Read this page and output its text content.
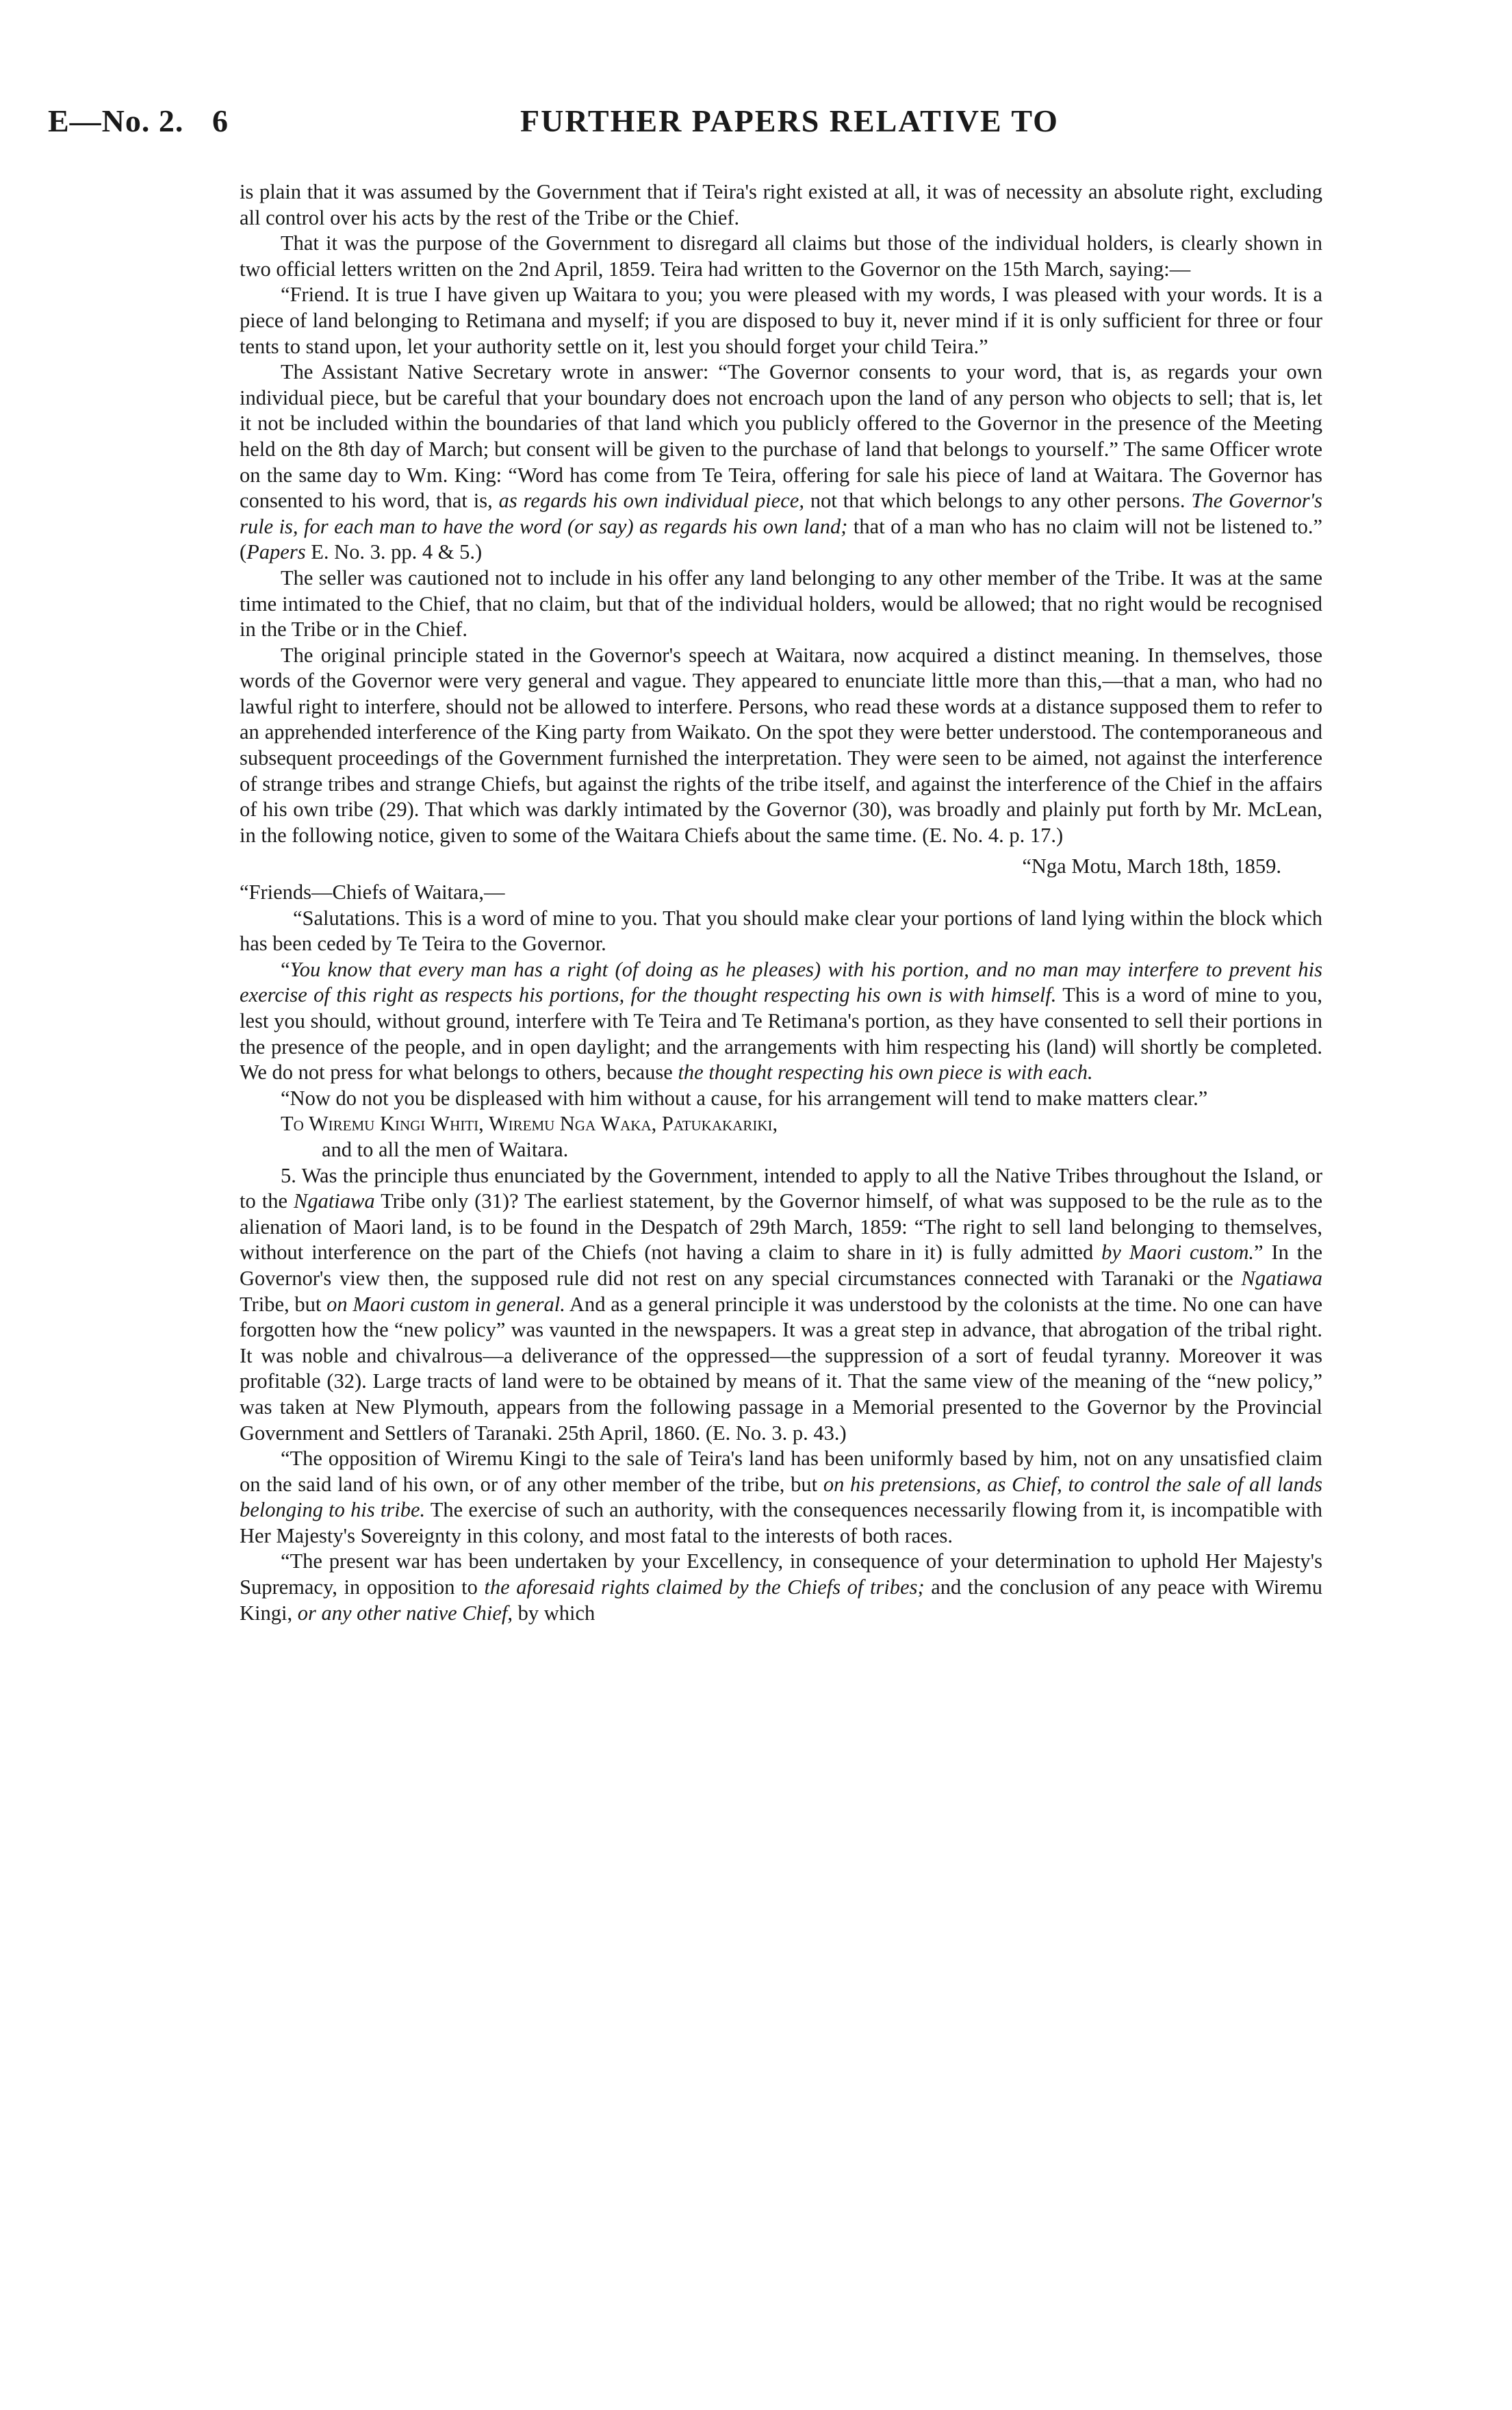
E—No. 2. 6	FURTHER PAPERS RELATIVE TO

is plain that it was assumed by the Government that if Teira's right existed at all, it was of necessity an absolute right, excluding all control over his acts by the rest of the Tribe or the Chief.

That it was the purpose of the Government to disregard all claims but those of the individual holders, is clearly shown in two official letters written on the 2nd April, 1859. Teira had written to the Governor on the 15th March, saying:—

“Friend. It is true I have given up Waitara to you; you were pleased with my words, I was pleased with your words. It is a piece of land belonging to Retimana and myself; if you are disposed to buy it, never mind if it is only sufficient for three or four tents to stand upon, let your authority settle on it, lest you should forget your child Teira.”

The Assistant Native Secretary wrote in answer: “The Governor consents to your word, that is, as regards your own individual piece, but be careful that your boundary does not encroach upon the land of any person who objects to sell; that is, let it not be included within the boundaries of that land which you publicly offered to the Governor in the presence of the Meeting held on the 8th day of March; but consent will be given to the purchase of land that belongs to yourself.” The same Officer wrote on the same day to Wm. King: “Word has come from Te Teira, offering for sale his piece of land at Waitara. The Governor has consented to his word, that is, as regards his own individual piece, not that which belongs to any other persons. The Governor's rule is, for each man to have the word (or say) as regards his own land; that of a man who has no claim will not be listened to.” (Papers E. No. 3. pp. 4 & 5.)

The seller was cautioned not to include in his offer any land belonging to any other member of the Tribe. It was at the same time intimated to the Chief, that no claim, but that of the individual holders, would be allowed; that no right would be recognised in the Tribe or in the Chief.

The original principle stated in the Governor's speech at Waitara, now acquired a distinct meaning. In themselves, those words of the Governor were very general and vague. They appeared to enunciate little more than this,—that a man, who had no lawful right to interfere, should not be allowed to interfere. Persons, who read these words at a distance supposed them to refer to an apprehended interference of the King party from Waikato. On the spot they were better understood. The contemporaneous and subsequent proceedings of the Government furnished the interpretation. They were seen to be aimed, not against the interference of strange tribes and strange Chiefs, but against the rights of the tribe itself, and against the interference of the Chief in the affairs of his own tribe (29). That which was darkly intimated by the Governor (30), was broadly and plainly put forth by Mr. McLean, in the following notice, given to some of the Waitara Chiefs about the same time. (E. No. 4. p. 17.)

“Nga Motu, March 18th, 1859.

“Friends—Chiefs of Waitara,—

“Salutations. This is a word of mine to you. That you should make clear your portions of land lying within the block which has been ceded by Te Teira to the Governor.

“You know that every man has a right (of doing as he pleases) with his portion, and no man may interfere to prevent his exercise of this right as respects his portions, for the thought respecting his own is with himself. This is a word of mine to you, lest you should, without ground, interfere with Te Teira and Te Retimana's portion, as they have consented to sell their portions in the presence of the people, and in open daylight; and the arrangements with him respecting his (land) will shortly be completed. We do not press for what belongs to others, because the thought respecting his own piece is with each.

“Now do not you be displeased with him without a cause, for his arrangement will tend to make matters clear.”

To Wiremu Kingi Whiti, Wiremu Nga Waka, Patukakariki,

and to all the men of Waitara.

5. Was the principle thus enunciated by the Government, intended to apply to all the Native Tribes throughout the Island, or to the Ngatiawa Tribe only (31)? The earliest statement, by the Governor himself, of what was supposed to be the rule as to the alienation of Maori land, is to be found in the Despatch of 29th March, 1859: “The right to sell land belonging to themselves, without interference on the part of the Chiefs (not having a claim to share in it) is fully admitted by Maori custom.” In the Governor's view then, the supposed rule did not rest on any special circumstances connected with Taranaki or the Ngatiawa Tribe, but on Maori custom in general. And as a general principle it was understood by the colonists at the time. No one can have forgotten how the “new policy” was vaunted in the newspapers. It was a great step in advance, that abrogation of the tribal right. It was noble and chivalrous—a deliverance of the oppressed—the suppression of a sort of feudal tyranny. Moreover it was profitable (32). Large tracts of land were to be obtained by means of it. That the same view of the meaning of the “new policy,” was taken at New Plymouth, appears from the following passage in a Memorial presented to the Governor by the Provincial Government and Settlers of Taranaki. 25th April, 1860. (E. No. 3. p. 43.)

“The opposition of Wiremu Kingi to the sale of Teira's land has been uniformly based by him, not on any unsatisfied claim on the said land of his own, or of any other member of the tribe, but on his pretensions, as Chief, to control the sale of all lands belonging to his tribe. The exercise of such an authority, with the consequences necessarily flowing from it, is incompatible with Her Majesty's Sovereignty in this colony, and most fatal to the interests of both races.

“The present war has been undertaken by your Excellency, in consequence of your determination to uphold Her Majesty's Supremacy, in opposition to the aforesaid rights claimed by the Chiefs of tribes; and the conclusion of any peace with Wiremu Kingi, or any other native Chief, by which
